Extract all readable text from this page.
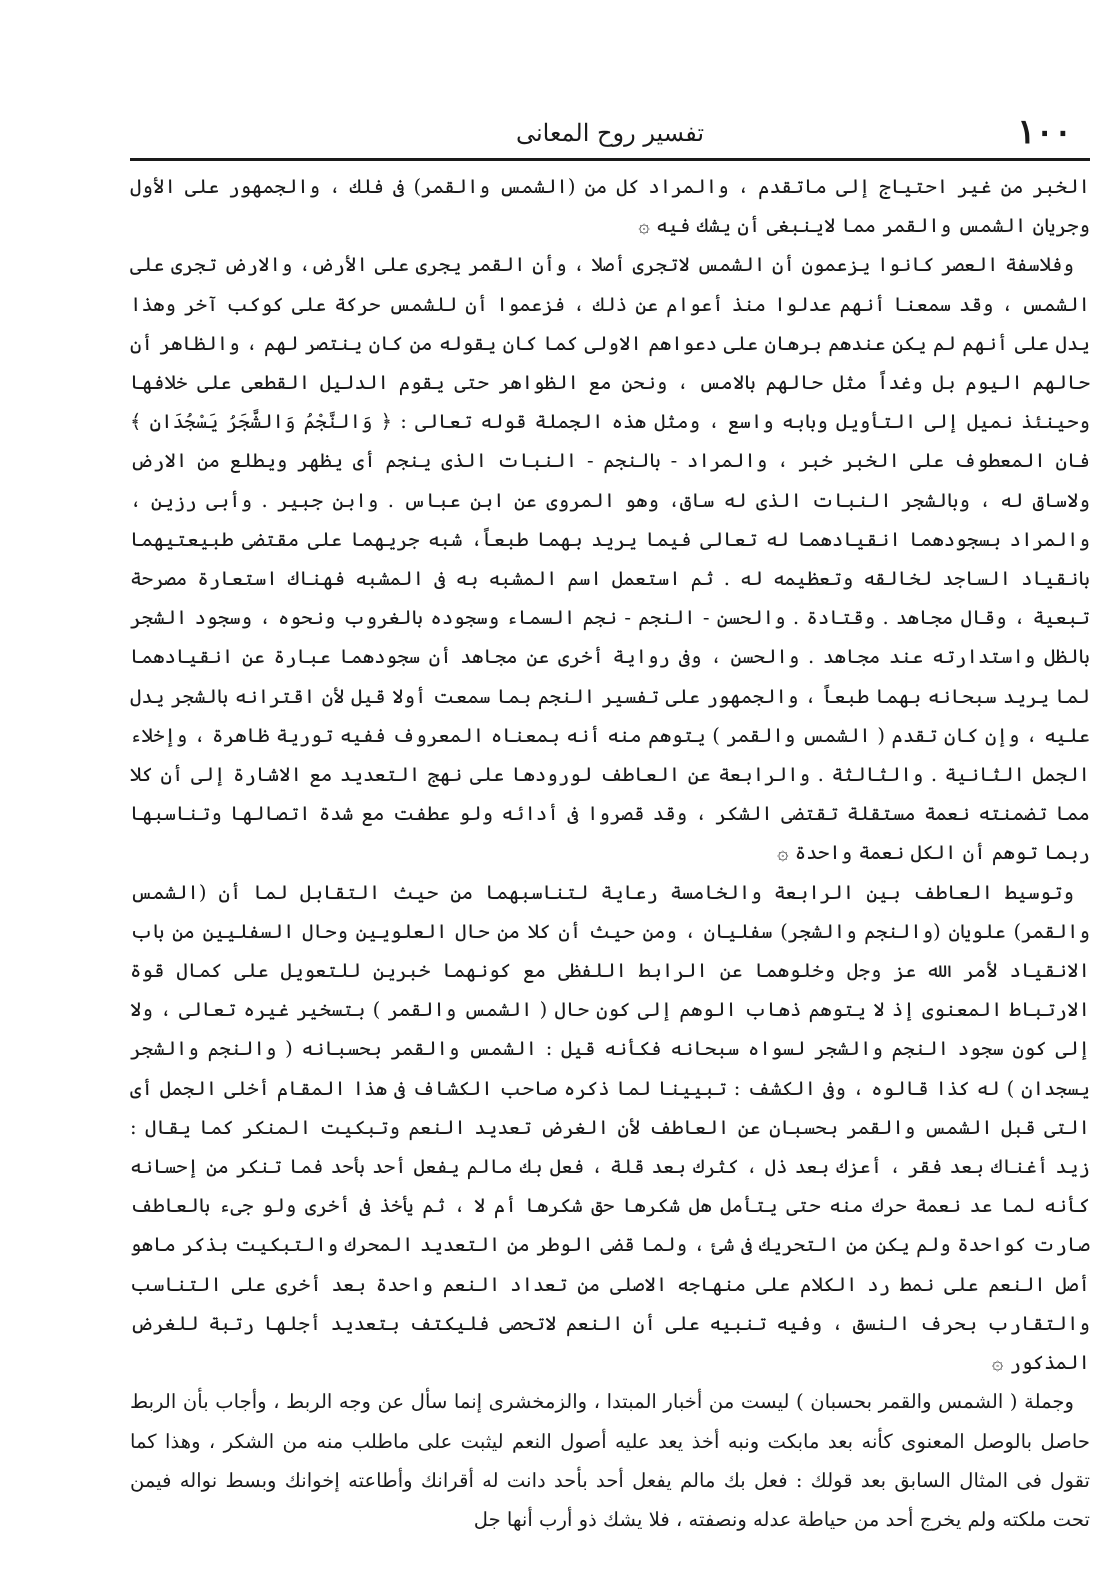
١٠٠
تفسير روح المعانى

الخبر من غير احتياج إلى ماتقدم ، والمراد كل من (الشمس والقمر) فى فلك ، والجمهور على الأول وجريان الشمس والقمر مما لاينبغى أن يشك فيه ۞

وفلاسفة العصر كانوا يزعمون أن الشمس لاتجرى أصلا ، وأن القمر يجرى على الأرض، والارض تجرى على الشمس ، وقد سمعنا أنهم عدلوا منذ أعوام عن ذلك ، فزعموا أن للشمس حركة على كوكب آخر وهذا يدل على أنهم لم يكن عندهم برهان على دعواهم الاولى كما كان يقوله من كان ينتصر لهم ، والظاهر أن حالهم اليوم بل وغداً مثل حالهم بالامس ، ونحن مع الظواهر حتى يقوم الدليل القطعى على خلافها وحينئذ نميل إلى التأويل وبابه واسع ، ومثل هذه الجملة قوله تعالى : ﴿ وَالنَّجْمُ وَالشَّجَرُ يَسْجُدَانِ ﴾ فان المعطوف على الخبر خبر ، والمراد - بالنجم - النبات الذى ينجم أى يظهر ويطلع من الارض ولاساق له ، وبالشجر النبات الذى له ساق، وهو المروى عن ابن عباس . وابن جبير . وأبى رزين ، والمراد بسجودهما انقيادهما له تعالى فيما يريد بهما طبعاً، شبه جريهما على مقتضى طبيعتيهما بانقياد الساجد لخالقه وتعظيمه له . ثم استعمل اسم المشبه به فى المشبه فهناك استعارة مصرحة تبعية ، وقال مجاهد . وقتادة . والحسن - النجم - نجم السماء وسجوده بالغروب ونحوه ، وسجود الشجر بالظل واستدارته عند مجاهد . والحسن ، وفى رواية أخرى عن مجاهد أن سجودهما عبارة عن انقيادهما لما يريد سبحانه بهما طبعاً ، والجمهور على تفسير النجم بما سمعت أولا قيل لأن اقترانه بالشجر يدل عليه ، وإن كان تقدم ( الشمس والقمر ) يتوهم منه أنه بمعناه المعروف ففيه تورية ظاهرة ، وإخلاء الجمل الثانية . والثالثة . والرابعة عن العاطف لورودها على نهج التعديد مع الاشارة إلى أن كلا مما تضمنته نعمة مستقلة تقتضى الشكر ، وقد قصروا فى أدائه ولو عطفت مع شدة اتصالها وتناسبها ربما توهم أن الكل نعمة واحدة ۞

وتوسيط العاطف بين الرابعة والخامسة رعاية لتناسبهما من حيث التقابل لما أن (الشمس والقمر) علويان (والنجم والشجر) سفليان ، ومن حيث أن كلا من حال العلويين وحال السفليين من باب الانقياد لأمر الله عز وجل وخلوهما عن الرابط اللفظى مع كونهما خبرين للتعويل على كمال قوة الارتباط المعنوى إذ لا يتوهم ذهاب الوهم إلى كون حال ( الشمس والقمر ) بتسخير غيره تعالى ، ولا إلى كون سجود النجم والشجر لسواه سبحانه فكأنه قيل : الشمس والقمر بحسبانه ( والنجم والشجر يسجدان ) له كذا قالوه ، وفى الكشف : تبيينا لما ذكره صاحب الكشاف فى هذا المقام أخلى الجمل أى التى قبل الشمس والقمر بحسبان عن العاطف لأن الغرض تعديد النعم وتبكيت المنكر كما يقال : زيد أغناك بعد فقر ، أعزك بعد ذل ، كثرك بعد قلة ، فعل بك مالم يفعل أحد بأحد فما تنكر من إحسانه كأنه لما عد نعمة حرك منه حتى يتأمل هل شكرها حق شكرها أم لا ، ثم يأخذ فى أخرى ولو جىء بالعاطف صارت كواحدة ولم يكن من التحريك فى شئ ، ولما قضى الوطر من التعديد المحرك والتبكيت بذكر ماهو أصل النعم على نمط رد الكلام على منهاجه الاصلى من تعداد النعم واحدة بعد أخرى على التناسب والتقارب بحرف النسق ، وفيه تنبيه على أن النعم لاتحصى فليكتف بتعديد أجلها رتبة للغرض المذكور ۞

وجملة ( الشمس والقمر بحسبان ) ليست من أخبار المبتدا ، والزمخشرى إنما سأل عن وجه الربط ، وأجاب بأن الربط حاصل بالوصل المعنوى كأنه بعد مابكت ونبه أخذ يعد عليه أصول النعم ليثبت على ماطلب منه من الشكر ، وهذا كما تقول فى المثال السابق بعد قولك : فعل بك مالم يفعل أحد بأحد دانت له أقرانك وأطاعته إخوانك وبسط نواله فيمن تحت ملكته ولم يخرج أحد من حياطة عدله ونصفته ، فلا يشك ذو أرب أنها جل
